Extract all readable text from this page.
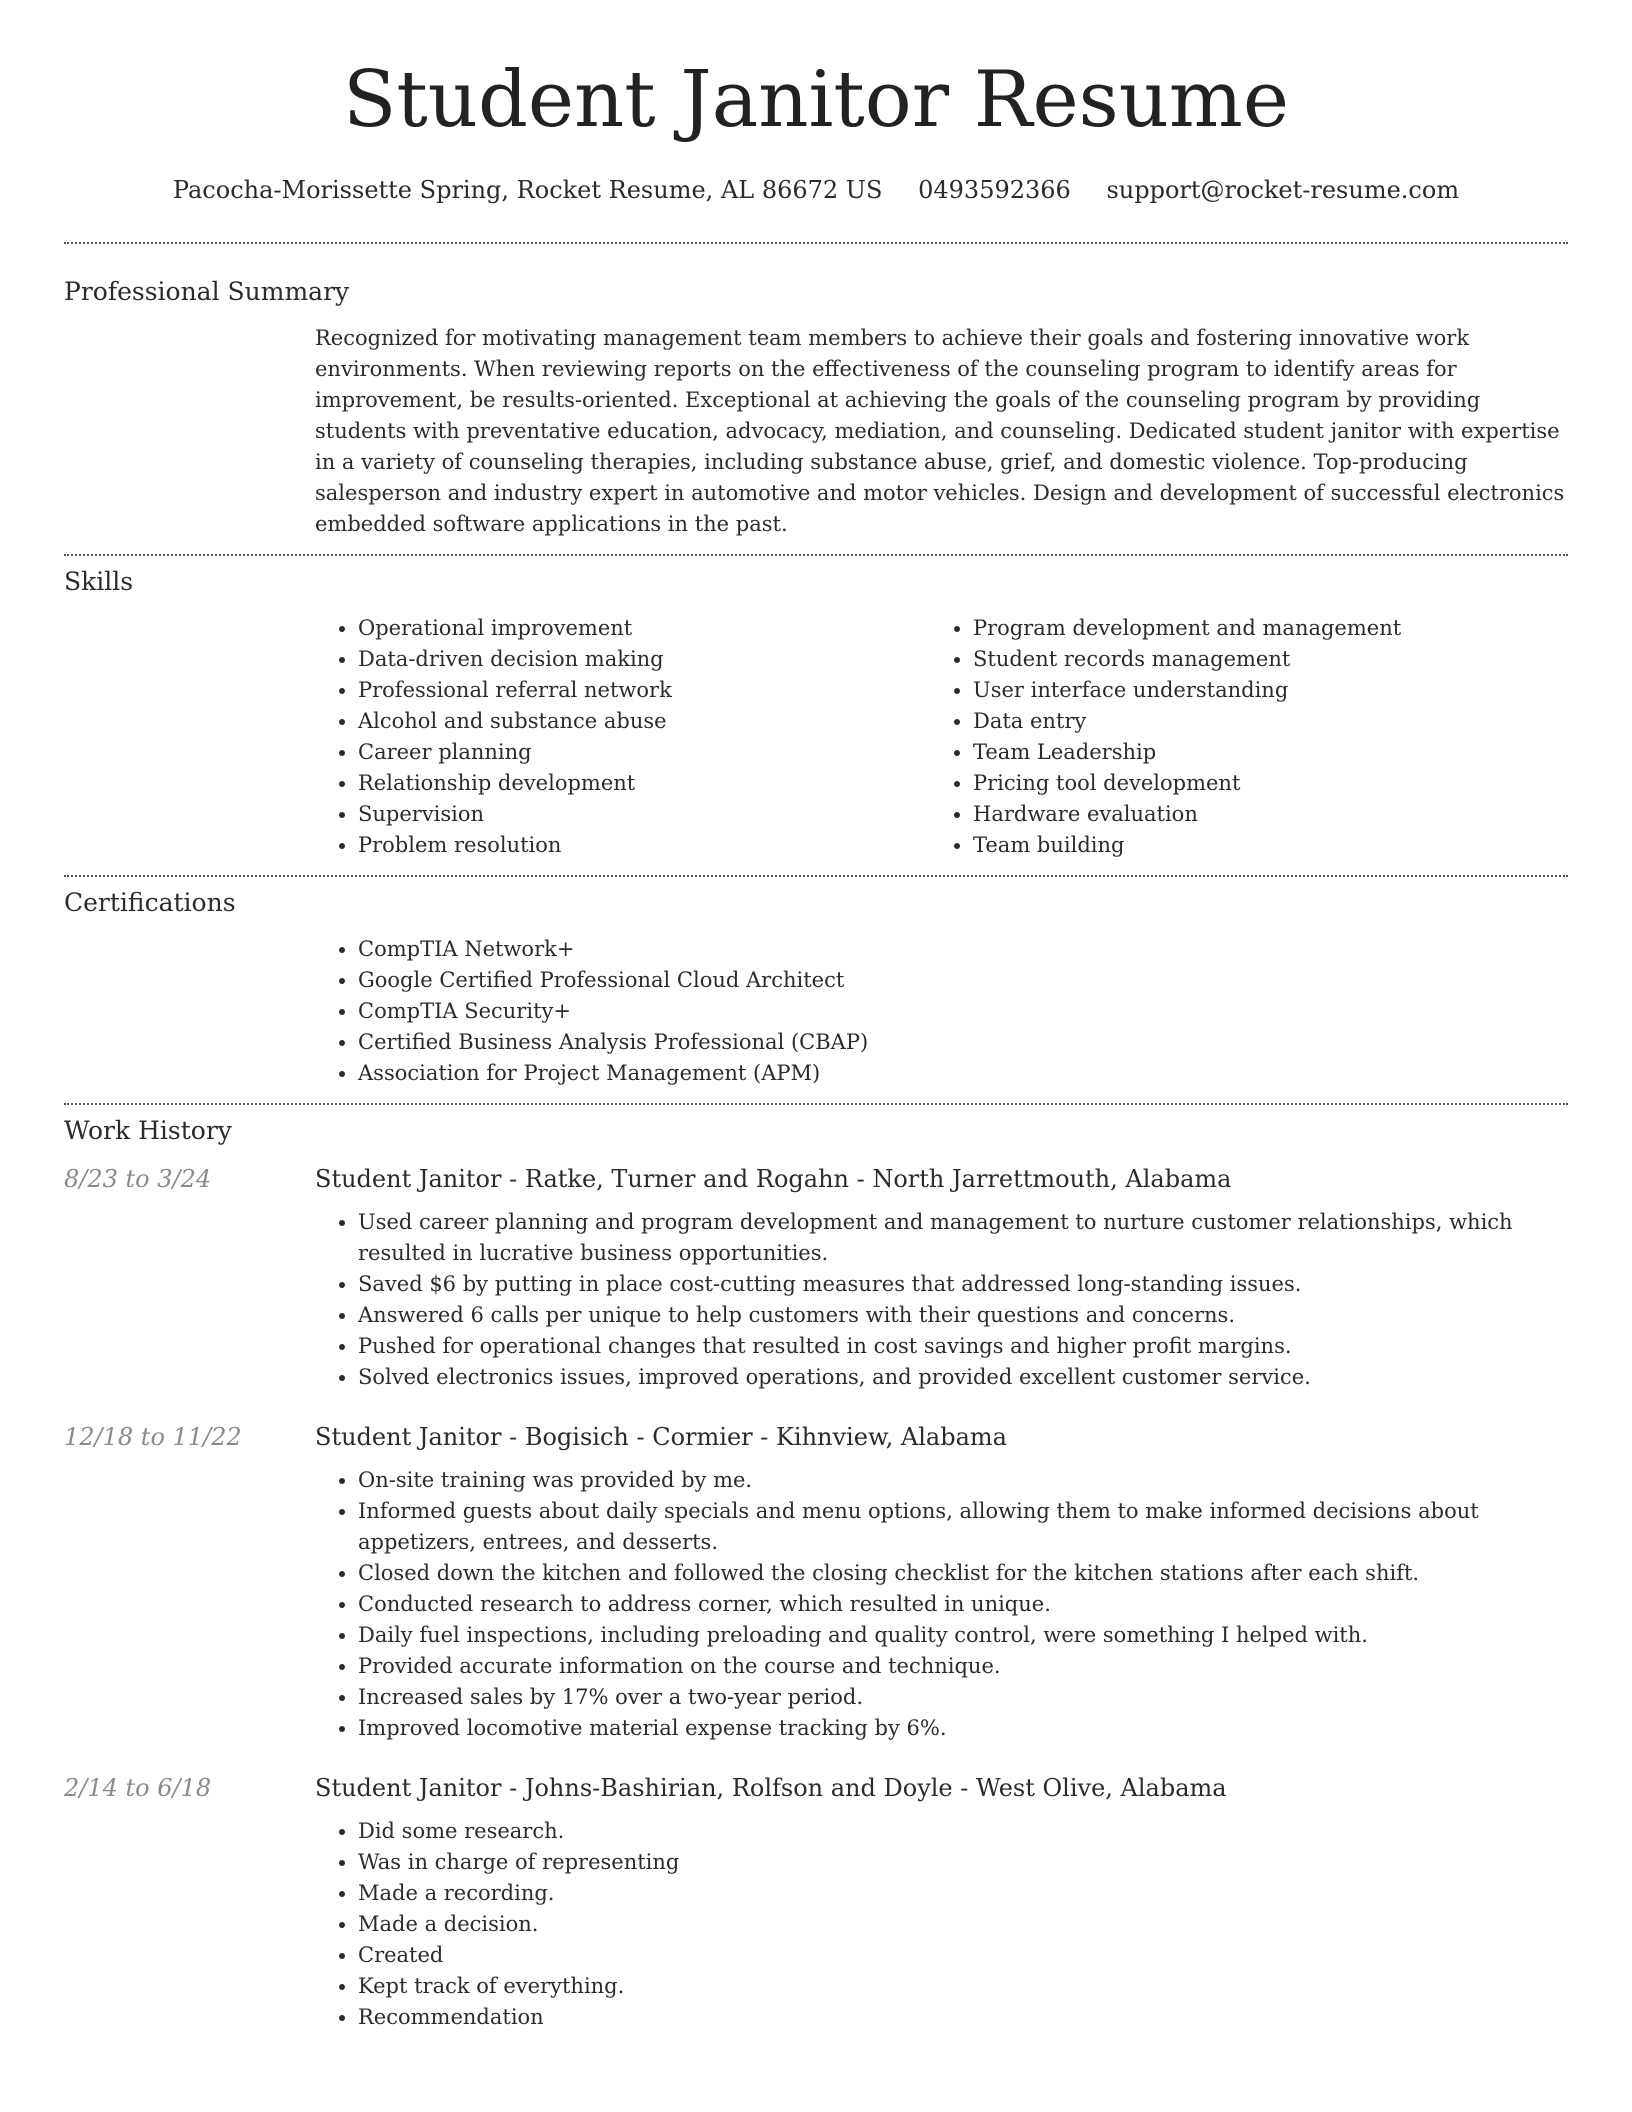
Student Janitor Resume
Pacocha-Morissette Spring, Rocket Resume, AL 86672 US 0493592366 support@rocket-resume.com
Professional Summary

Recognized for motivating management team members to achieve their goals and fostering innovative work environments. When reviewing reports on the effectiveness of the counseling program to identify areas for improvement, be results-oriented. Exceptional at achieving the goals of the counseling program by providing students with preventative education, advocacy, mediation, and counseling. Dedicated student janitor with expertise in a variety of counseling therapies, including substance abuse, grief, and domestic violence. Top-producing salesperson and industry expert in automotive and motor vehicles. Design and development of successful electronics embedded software applications in the past.

Skills
• Operational improvement
• Data-driven decision making
• Professional referral network
• Alcohol and substance abuse
• Career planning
• Relationship development
• Supervision
• Problem resolution
• Program development and management
• Student records management
• User interface understanding
• Data entry
• Team Leadership
• Pricing tool development
• Hardware evaluation
• Team building
Certifications
• CompTIA Network+
• Google Certified Professional Cloud Architect
• CompTIA Security+
• Certified Business Analysis Professional (CBAP)
• Association for Project Management (APM)
Work History
8/23 to 3/24	Student Janitor - Ratke, Turner and Rogahn - North Jarrettmouth, Alabama
• Used career planning and program development and management to nurture customer relationships, which resulted in lucrative business opportunities.
• Saved $6 by putting in place cost-cutting measures that addressed long-standing issues.
• Answered 6 calls per unique to help customers with their questions and concerns.
• Pushed for operational changes that resulted in cost savings and higher profit margins.
• Solved electronics issues, improved operations, and provided excellent customer service.
12/18 to 11/22	Student Janitor - Bogisich - Cormier - Kihnview, Alabama
• On-site training was provided by me.
• Informed guests about daily specials and menu options, allowing them to make informed decisions about appetizers, entrees, and desserts.
• Closed down the kitchen and followed the closing checklist for the kitchen stations after each shift.
• Conducted research to address corner, which resulted in unique.
• Daily fuel inspections, including preloading and quality control, were something I helped with.
• Provided accurate information on the course and technique.
• Increased sales by 17% over a two-year period.
• Improved locomotive material expense tracking by 6%.
2/14 to 6/18	Student Janitor - Johns-Bashirian, Rolfson and Doyle - West Olive, Alabama
• Did some research.
• Was in charge of representing
• Made a recording.
• Made a decision.
• Created
• Kept track of everything.
• Recommendation
